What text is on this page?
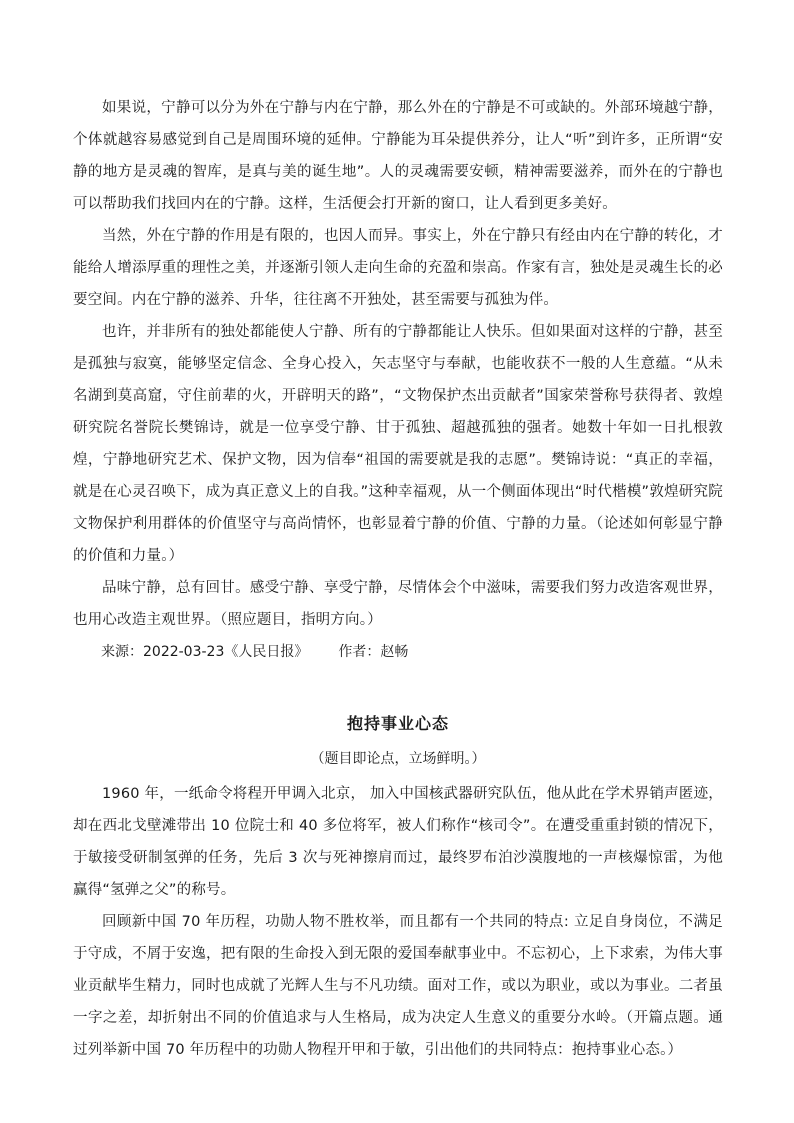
如果说，宁静可以分为外在宁静与内在宁静，那么外在的宁静是不可或缺的。外部环境越宁静，个体就越容易感觉到自己是周围环境的延伸。宁静能为耳朵提供养分，让人“听”到许多，正所谓“安静的地方是灵魂的智库，是真与美的诞生地”。人的灵魂需要安顿，精神需要滋养，而外在的宁静也可以帮助我们找回内在的宁静。这样，生活便会打开新的窗口，让人看到更多美好。

当然，外在宁静的作用是有限的，也因人而异。事实上，外在宁静只有经由内在宁静的转化，才能给人增添厚重的理性之美，并逐渐引领人走向生命的充盈和崇高。作家有言，独处是灵魂生长的必要空间。内在宁静的滋养、升华，往往离不开独处，甚至需要与孤独为伴。

也许，并非所有的独处都能使人宁静、所有的宁静都能让人快乐。但如果面对这样的宁静，甚至是孤独与寂寞，能够坚定信念、全身心投入，矢志坚守与奉献，也能收获不一般的人生意蕴。“从未名湖到莫高窟，守住前辈的火，开辟明天的路”，“文物保护杰出贡献者”国家荣誉称号获得者、敦煌研究院名誉院长樊锦诗，就是一位享受宁静、甘于孤独、超越孤独的强者。她数十年如一日扎根敦煌，宁静地研究艺术、保护文物，因为信奉“祖国的需要就是我的志愿”。樊锦诗说：“真正的幸福，就是在心灵召唤下，成为真正意义上的自我。”这种幸福观，从一个侧面体现出“时代楷模”敦煌研究院文物保护利用群体的价值坚守与高尚情怀，也彰显着宁静的价值、宁静的力量。（论述如何彰显宁静的价值和力量。）

品味宁静，总有回甘。感受宁静、享受宁静，尽情体会个中滋味，需要我们努力改造客观世界，也用心改造主观世界。（照应题目，指明方向。）

来源：2022-03-23《人民日报》 作者：赵畅

抱持事业心态

（题目即论点，立场鲜明。）

1960 年，一纸命令将程开甲调入北京， 加入中国核武器研究队伍，他从此在学术界销声匿迹，却在西北戈壁滩带出 10 位院士和 40 多位将军，被人们称作“核司令”。在遭受重重封锁的情况下，于敏接受研制氢弹的任务，先后 3 次与死神擦肩而过，最终罗布泊沙漠腹地的一声核爆惊雷，为他赢得“氢弹之父”的称号。

回顾新中国 70 年历程，功勋人物不胜枚举，而且都有一个共同的特点: 立足自身岗位，不满足于守成，不屑于安逸，把有限的生命投入到无限的爱国奉献事业中。不忘初心，上下求索，为伟大事业贡献毕生精力，同时也成就了光辉人生与不凡功绩。面对工作，或以为职业，或以为事业。二者虽一字之差，却折射出不同的价值追求与人生格局，成为决定人生意义的重要分水岭。（开篇点题。通过列举新中国 70 年历程中的功勋人物程开甲和于敏，引出他们的共同特点：抱持事业心态。）
